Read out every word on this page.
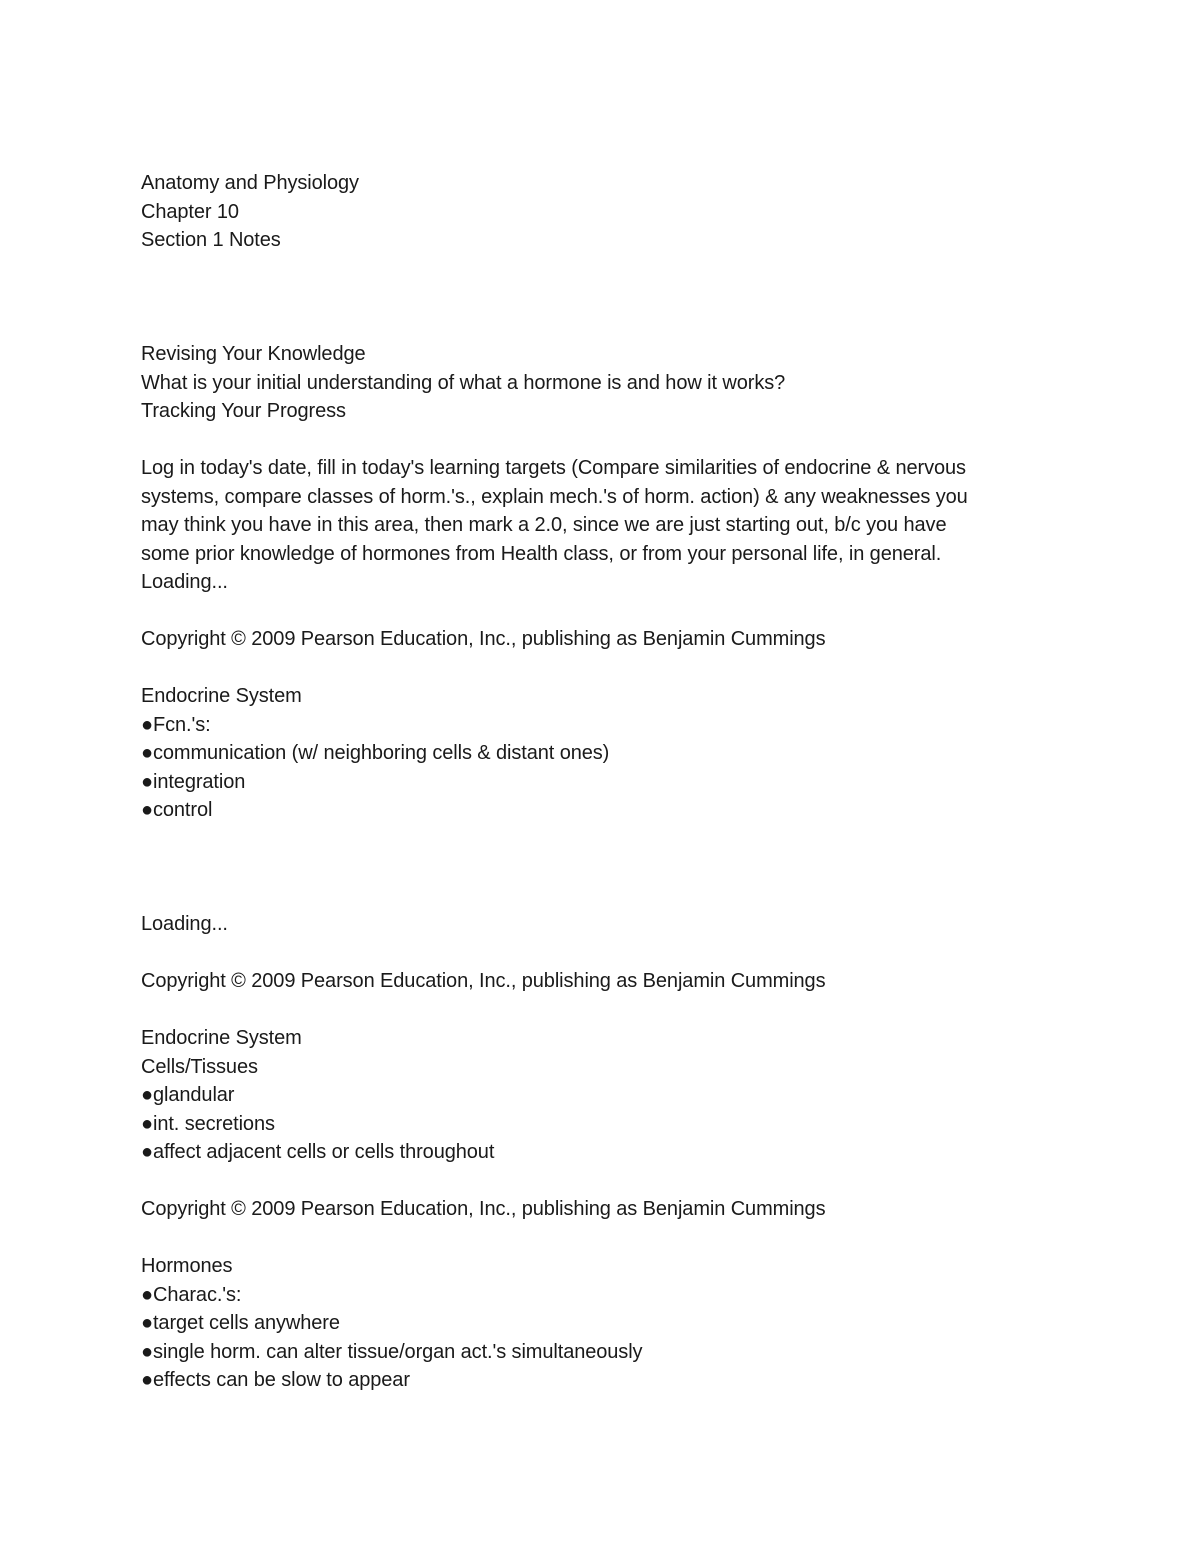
Anatomy and Physiology
Chapter 10
Section 1 Notes
Revising Your Knowledge
What is your initial understanding of what a hormone is and how it works?
Tracking Your Progress
Log in today's date, fill in today's learning targets (Compare similarities of endocrine & nervous
systems, compare classes of horm.'s., explain mech.'s of horm. action) & any weaknesses you
may think you have in this area, then mark a 2.0, since we are just starting out, b/c you have
some prior knowledge of hormones from Health class, or from your personal life, in general.
Loading...
Copyright © 2009 Pearson Education, Inc., publishing as Benjamin Cummings
Endocrine System
●Fcn.'s:
●communication (w/ neighboring cells & distant ones)
●integration
●control
Loading...
Copyright © 2009 Pearson Education, Inc., publishing as Benjamin Cummings
Endocrine System
Cells/Tissues
●glandular
●int. secretions
●affect adjacent cells or cells throughout
Copyright © 2009 Pearson Education, Inc., publishing as Benjamin Cummings
Hormones
●Charac.'s:
●target cells anywhere
●single horm. can alter tissue/organ act.'s simultaneously
●effects can be slow to appear
